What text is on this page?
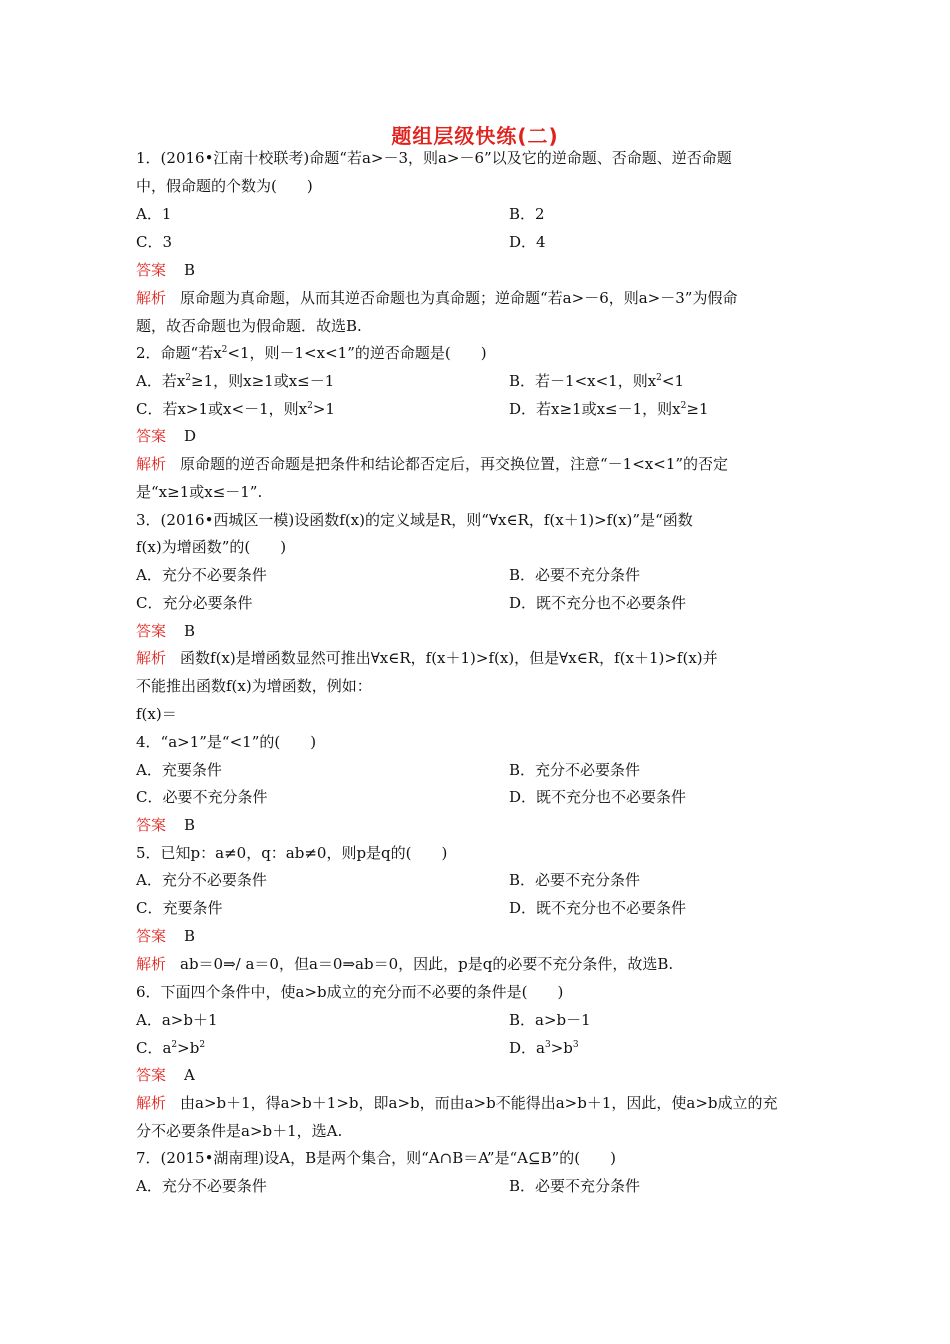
题组层级快练(二)
1．(2016•江南十校联考)命题“若a>－3，则a>－6”以及它的逆命题、否命题、逆否命题
中，假命题的个数为(　　)
A．1	B．2
C．3	D．4
答案 B
解析 原命题为真命题，从而其逆否命题也为真命题；逆命题“若a>－6，则a>－3”为假命
题，故否命题也为假命题．故选B.
2．命题“若$x^2<1$，则－1<x<1”的逆否命题是(　　)
A．若$x^2\ge 1$，则x≥1或x≤－1	B．若－1<x<1，则$x^2<1$
C．若x>1或x<－1，则$x^2>1$	D．若x≥1或x≤－1，则$x^2\ge 1$
答案 D
解析 原命题的逆否命题是把条件和结论都否定后，再交换位置，注意“－1<x<1”的否定
是“x≥1或x≤－1”.
3．(2016•西城区一模)设函数f(x)的定义域是R，则“∀x∈R，f(x＋1)>f(x)”是“函数
f(x)为增函数”的(　　)
A．充分不必要条件	B．必要不充分条件
C．充分必要条件	D．既不充分也不必要条件
答案 B
解析 函数f(x)是增函数显然可推出∀x∈R，f(x＋1)>f(x)，但是∀x∈R，f(x＋1)>f(x)并
不能推出函数f(x)为增函数，例如：
f(x)＝
4．“a>1”是“<1”的(　　)
A．充要条件	B．充分不必要条件
C．必要不充分条件	D．既不充分也不必要条件
答案 B
5．已知p：a≠0，q：ab≠0，则p是q的(　　)
A．充分不必要条件	B．必要不充分条件
C．充要条件	D．既不充分也不必要条件
答案 B
解析 ab＝0⇒/ a＝0，但a＝0⇒ab＝0，因此，p是q的必要不充分条件，故选B.
6．下面四个条件中，使a>b成立的充分而不必要的条件是(　　)
A．a>b＋1	B．a>b－1
C．$a^2>b^2$	D．$a^3>b^3$
答案 A
解析 由a>b＋1，得a>b＋1>b，即a>b，而由a>b不能得出a>b＋1，因此，使a>b成立的充
分不必要条件是a>b＋1，选A.
7．(2015•湖南理)设A，B是两个集合，则“A∩B＝A”是“A⊆B”的(　　)
A．充分不必要条件	B．必要不充分条件
